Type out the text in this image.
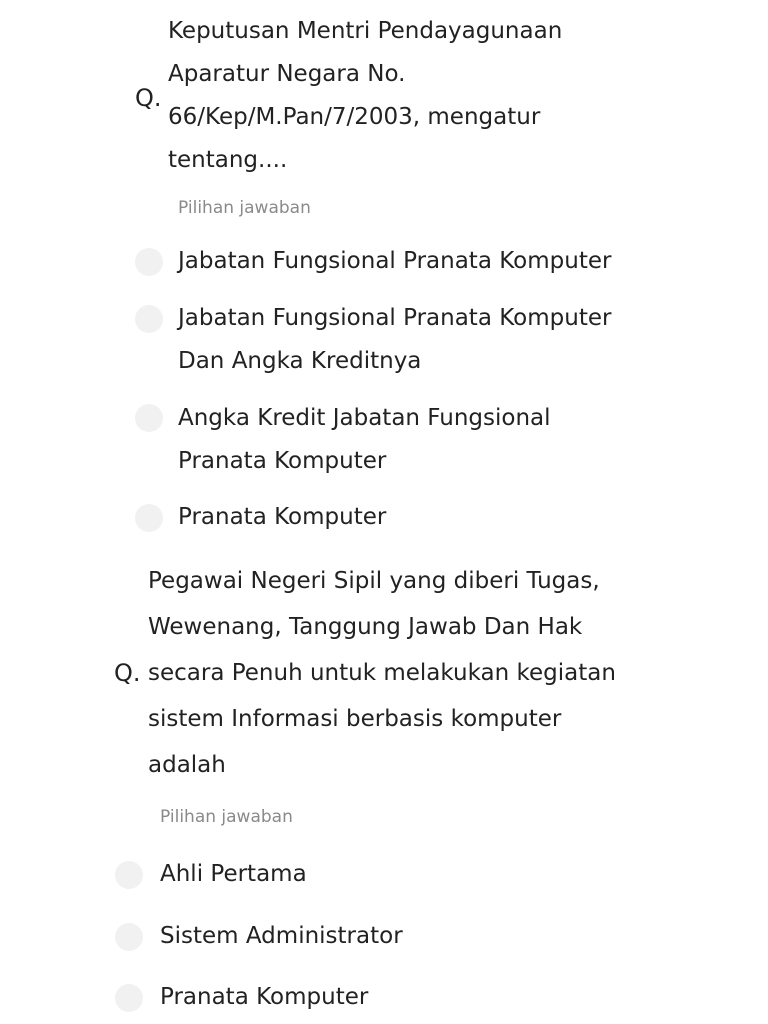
Q.
Keputusan Mentri Pendayagunaan
Aparatur Negara No.
66/Kep/M.Pan/7/2003, mengatur
tentang....
Pilihan jawaban
Jabatan Fungsional Pranata Komputer
Jabatan Fungsional Pranata Komputer
Dan Angka Kreditnya
Angka Kredit Jabatan Fungsional
Pranata Komputer
Pranata Komputer
Q.
Pegawai Negeri Sipil yang diberi Tugas,
Wewenang, Tanggung Jawab Dan Hak
secara Penuh untuk melakukan kegiatan
sistem Informasi berbasis komputer
adalah
Pilihan jawaban
Ahli Pertama
Sistem Administrator
Pranata Komputer
